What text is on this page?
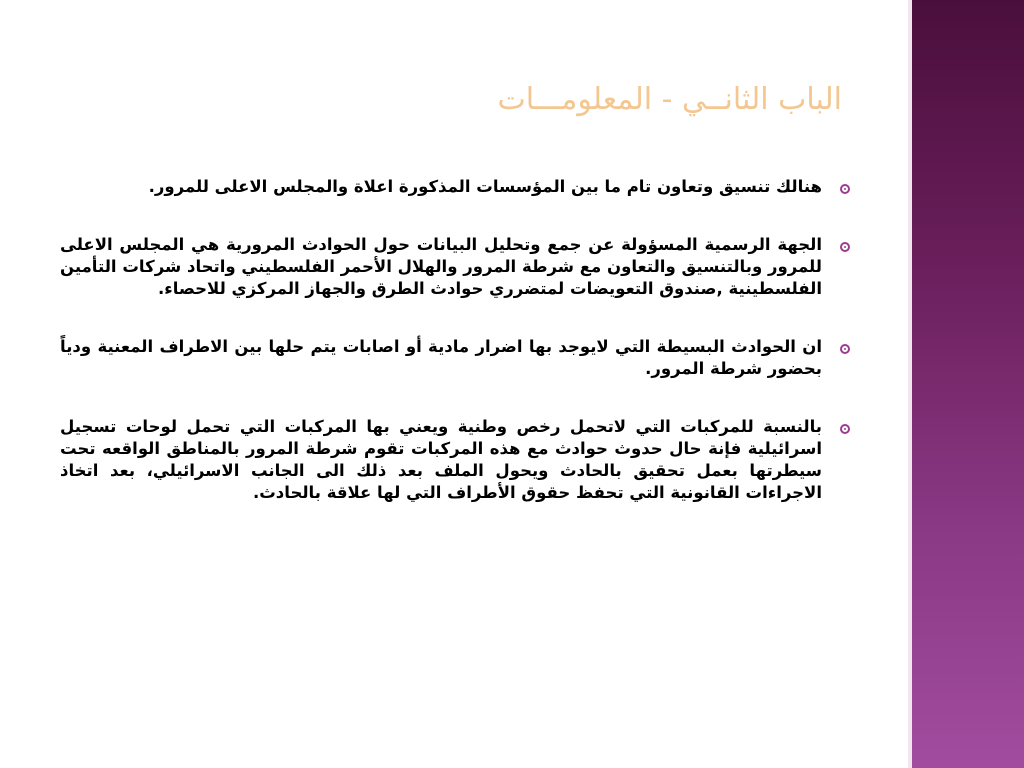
الباب الثانــي - المعلومـــات
هنالك تنسيق وتعاون تام ما بين المؤسسات المذكورة اعلاة والمجلس الاعلى للمرور.
الجهة الرسمية المسؤولة عن جمع وتحليل البيانات حول الحوادث المرورية هي المجلس الاعلى للمرور وبالتنسيق والتعاون مع شرطة المرور والهلال الأحمر الفلسطيني واتحاد شركات التأمين الفلسطينية ,صندوق التعويضات لمتضرري حوادث الطرق والجهاز المركزي للاحصاء.
ان الحوادث البسيطة التي لايوجد بها اضرار مادية أو اصابات يتم حلها بين الاطراف المعنية ودياً بحضور شرطة المرور.
بالنسبة للمركبات التي لاتحمل رخص وطنية ويعني بها المركبات التي تحمل لوحات تسجيل اسرائيلية فإنة حال حدوث حوادث مع هذه المركبات تقوم شرطة المرور بالمناطق الواقعه تحت سيطرتها بعمل تحقيق بالحادث ويحول الملف بعد ذلك الى الجانب الاسرائيلي، بعد اتخاذ الاجراءات القانونية التي تحفظ حقوق الأطراف التي لها علاقة بالحادث.
